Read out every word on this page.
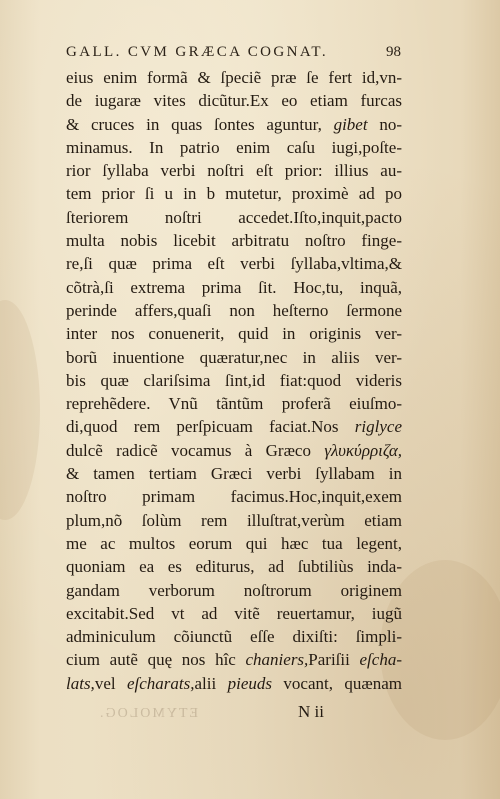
GALL. CVM GRÆCA COGNAT.	98
eius enim formã & ſpeciẽ præ ſe fert id,vn-
de iugaræ vites dicũtur.Ex eo etiam furcas
& cruces in quas ſontes aguntur, gibet no-
minamus. In patrio enim caſu iugi,poſte-
rior ſyllaba verbi noſtri eſt prior: illius au-
tem prior ſi u in b mutetur, proximè ad po
ſteriorem noſtri accedet.Iſto,inquit,pacto
multa nobis licebit arbitratu noſtro finge-
re,ſi quæ prima eſt verbi ſyllaba,vltima,&
cõtrà,ſi extrema prima ſit. Hoc,tu, inquã,
perinde affers,quaſi non heſterno ſermone
inter nos conuenerit, quid in originis ver-
borũ inuentione quæratur,nec in aliis ver-
bis quæ clariſsima ſint,id fiat:quod videris
reprehẽdere. Vnũ tãntũm proferã eiuſmo-
di,quod rem perſpicuam faciat.Nos riglyce
dulcẽ radicẽ vocamus à Græco γλυκύρριζα,
& tamen tertiam Græci verbi ſyllabam in
noſtro primam facimus.Hoc,inquit,exem
plum,nõ ſolùm rem illuſtrat,verùm etiam
me ac multos eorum qui hæc tua legent,
quoniam ea es editurus, ad ſubtiliùs inda-
gandam verborum noſtrorum originem
excitabit.Sed vt ad vitẽ reuertamur, iugũ
adminiculum cõiunctũ eſſe dixiſti: ſimpli-
cium autẽ quę nos hîc chaniers,Pariſii eſcha-
lats,vel eſcharats,alii pieuds vocant, quænam
ETYMOLOG.	N ii
